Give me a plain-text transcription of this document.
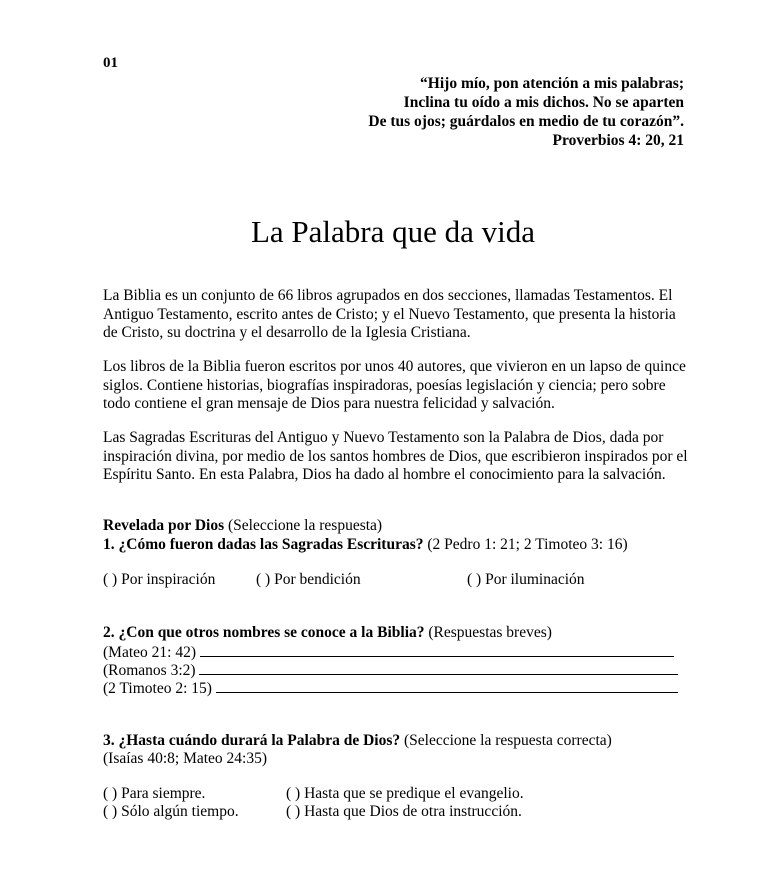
01
“Hijo mío, pon atención a mis palabras;
Inclina tu oído a mis dichos. No se aparten
De tus ojos; guárdalos en medio de tu corazón”.
Proverbios 4: 20, 21
La Palabra que da vida
La Biblia es un conjunto de 66 libros agrupados en dos secciones, llamadas Testamentos. El Antiguo Testamento, escrito antes de Cristo; y el Nuevo Testamento, que presenta la historia de Cristo, su doctrina y el desarrollo de la Iglesia Cristiana.
Los libros de la Biblia fueron escritos por unos 40 autores, que vivieron en un lapso de quince siglos. Contiene historias, biografías inspiradoras, poesías legislación y ciencia; pero sobre todo contiene el gran mensaje de Dios para nuestra felicidad y salvación.
Las Sagradas Escrituras del Antiguo y Nuevo Testamento son la Palabra de Dios, dada por inspiración divina, por medio de los santos hombres de Dios, que escribieron inspirados por el Espíritu Santo. En esta Palabra, Dios ha dado al hombre el conocimiento para la salvación.
Revelada por Dios (Seleccione la respuesta)
1. ¿Cómo fueron dadas las Sagradas Escrituras? (2 Pedro 1: 21; 2 Timoteo 3: 16)
( ) Por inspiración	( ) Por bendición	( ) Por iluminación
2. ¿Con que otros nombres se conoce a la Biblia? (Respuestas breves)
(Mateo 21: 42)
(Romanos 3:2)
(2 Timoteo 2: 15)
3. ¿Hasta cuándo durará la Palabra de Dios? (Seleccione la respuesta correcta)
(Isaías 40:8; Mateo 24:35)
( ) Para siempre.	( ) Hasta que se predique el evangelio.
( ) Sólo algún tiempo.	( ) Hasta que Dios de otra instrucción.
